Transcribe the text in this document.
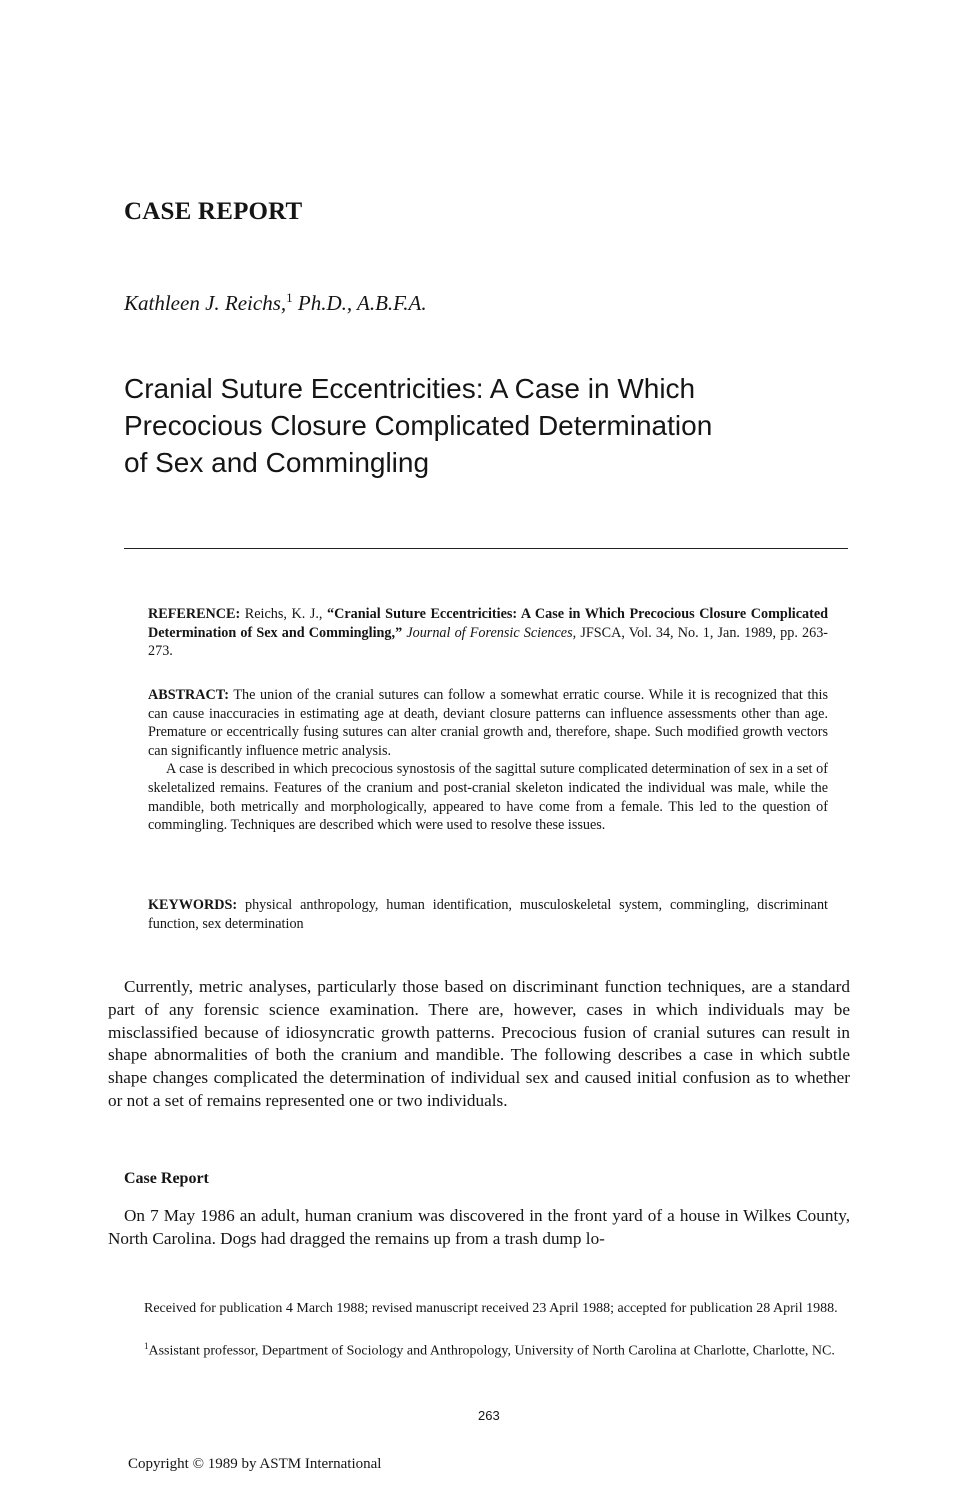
CASE REPORT

Kathleen J. Reichs,$^1$ Ph.D., A.B.F.A.

Cranial Suture Eccentricities: A Case in Which
Precocious Closure Complicated Determination
of Sex and Commingling
REFERENCE: Reichs, K. J., “Cranial Suture Eccentricities: A Case in Which Precocious Closure Complicated Determination of Sex and Commingling,” Journal of Forensic Sciences, JFSCA, Vol. 34, No. 1, Jan. 1989, pp. 263-273.

ABSTRACT: The union of the cranial sutures can follow a somewhat erratic course. While it is recognized that this can cause inaccuracies in estimating age at death, deviant closure patterns can influence assessments other than age. Premature or eccentrically fusing sutures can alter cranial growth and, therefore, shape. Such modified growth vectors can significantly influence metric analysis.

A case is described in which precocious synostosis of the sagittal suture complicated determination of sex in a set of skeletalized remains. Features of the cranium and post-cranial skeleton indicated the individual was male, while the mandible, both metrically and morphologically, appeared to have come from a female. This led to the question of commingling. Techniques are described which were used to resolve these issues.

KEYWORDS: physical anthropology, human identification, musculoskeletal system, commingling, discriminant function, sex determination

Currently, metric analyses, particularly those based on discriminant function techniques, are a standard part of any forensic science examination. There are, however, cases in which individuals may be misclassified because of idiosyncratic growth patterns. Precocious fusion of cranial sutures can result in shape abnormalities of both the cranium and mandible. The following describes a case in which subtle shape changes complicated the determination of individual sex and caused initial confusion as to whether or not a set of remains represented one or two individuals.

Case Report

On 7 May 1986 an adult, human cranium was discovered in the front yard of a house in Wilkes County, North Carolina. Dogs had dragged the remains up from a trash dump lo-

Received for publication 4 March 1988; revised manuscript received 23 April 1988; accepted for publication 28 April 1988.

$^1$Assistant professor, Department of Sociology and Anthropology, University of North Carolina at Charlotte, Charlotte, NC.

263
Copyright © 1989 by ASTM International
